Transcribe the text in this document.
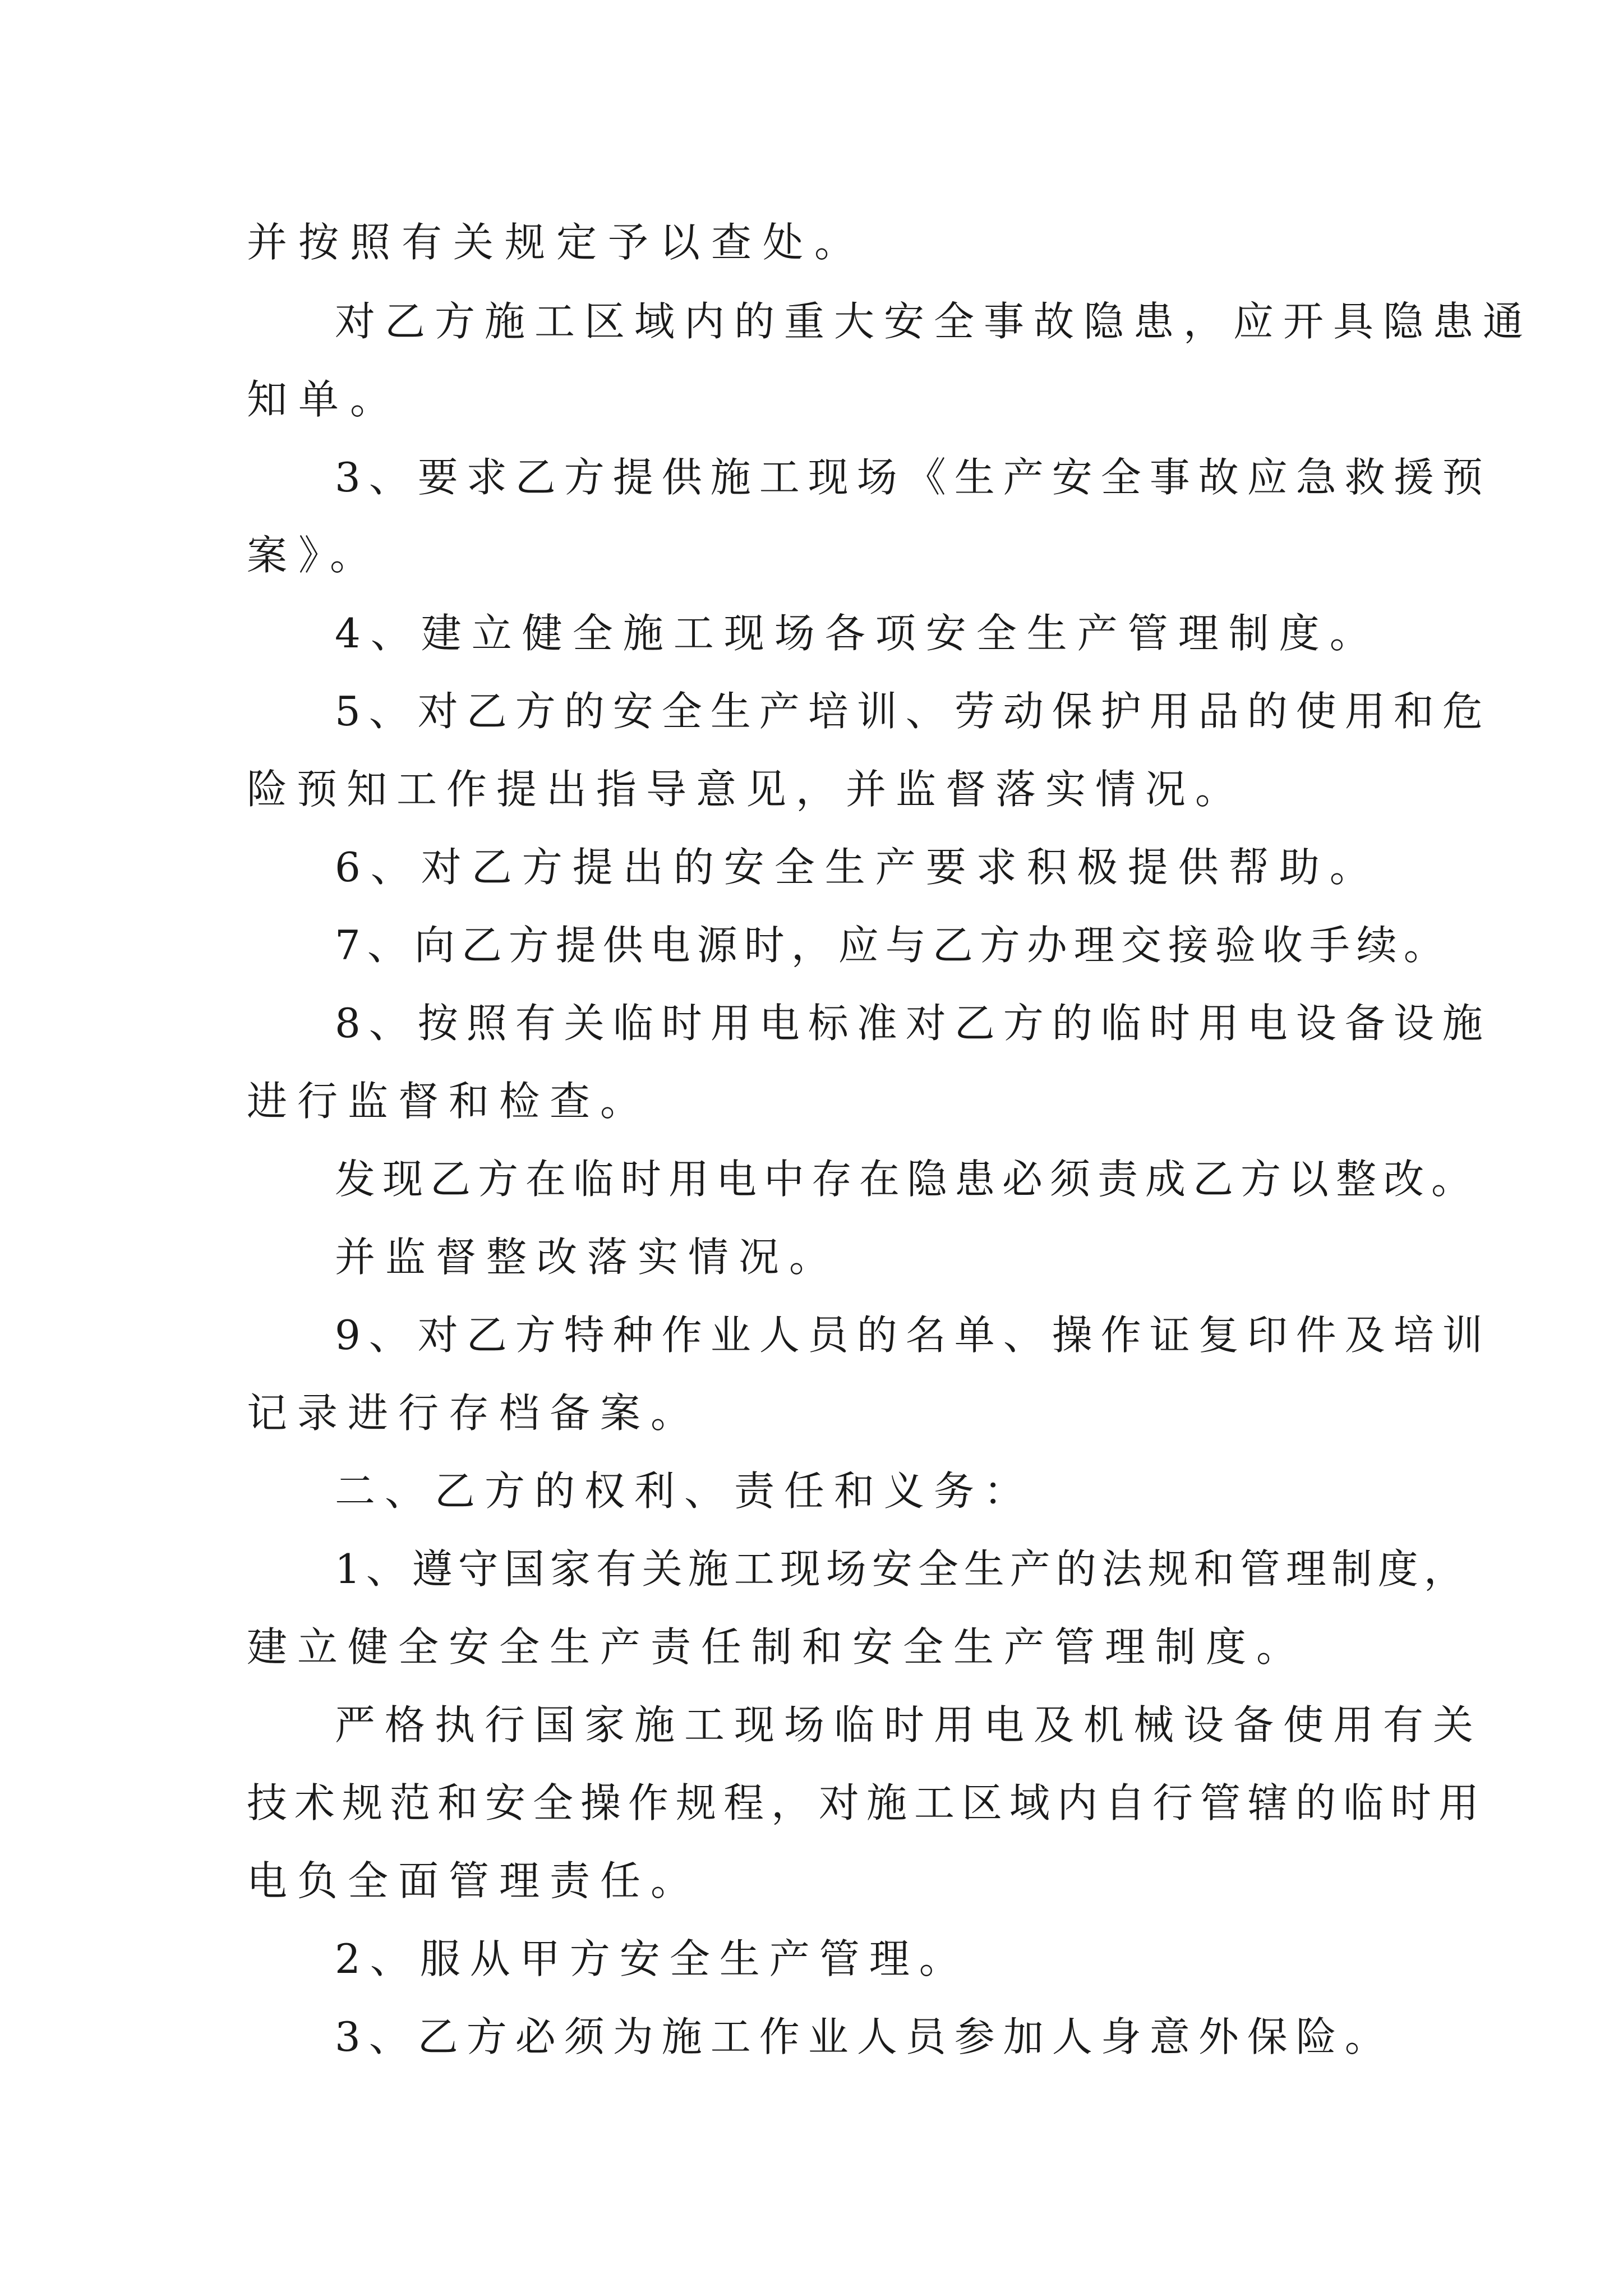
并按照有关规定予以查处。
对乙方施工区域内的重大安全事故隐患，应开具隐患通
知单。
3、要求乙方提供施工现场《生产安全事故应急救援预
案》。
4、建立健全施工现场各项安全生产管理制度。
5、对乙方的安全生产培训、劳动保护用品的使用和危
险预知工作提出指导意见，并监督落实情况。
6、对乙方提出的安全生产要求积极提供帮助。
7、向乙方提供电源时，应与乙方办理交接验收手续。
8、按照有关临时用电标准对乙方的临时用电设备设施
进行监督和检查。
发现乙方在临时用电中存在隐患必须责成乙方以整改。
并监督整改落实情况。
9、对乙方特种作业人员的名单、操作证复印件及培训
记录进行存档备案。
二、乙方的权利、责任和义务：
1、遵守国家有关施工现场安全生产的法规和管理制度，
建立健全安全生产责任制和安全生产管理制度。
严格执行国家施工现场临时用电及机械设备使用有关
技术规范和安全操作规程，对施工区域内自行管辖的临时用
电负全面管理责任。
2、服从甲方安全生产管理。
3、乙方必须为施工作业人员参加人身意外保险。
